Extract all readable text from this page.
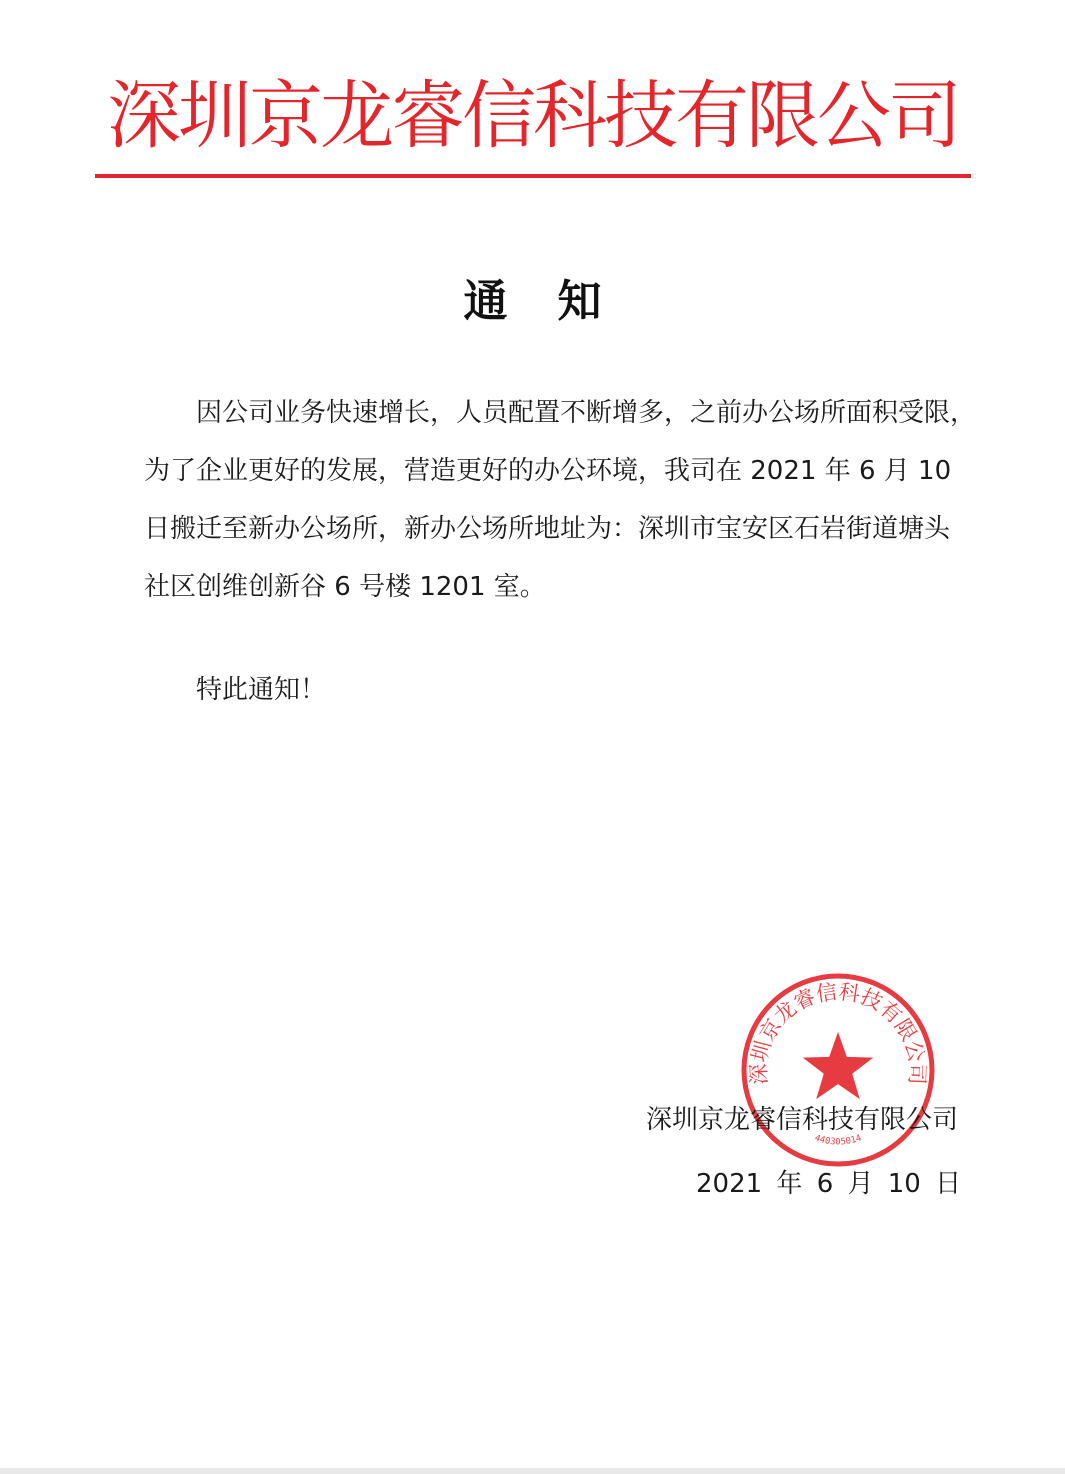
深圳京龙睿信科技有限公司
通知
因公司业务快速增长，人员配置不断增多，之前办公场所面积受限，
为了企业更好的发展，营造更好的办公环境，我司在 2021 年 6 月 10
日搬迁至新办公场所，新办公场所地址为：深圳市宝安区石岩街道塘头
社区创维创新谷 6 号楼 1201 室。
特此通知！
深圳京龙睿信科技有限公司
440305014
深圳京龙睿信科技有限公司
2021 年 6 月 10 日
